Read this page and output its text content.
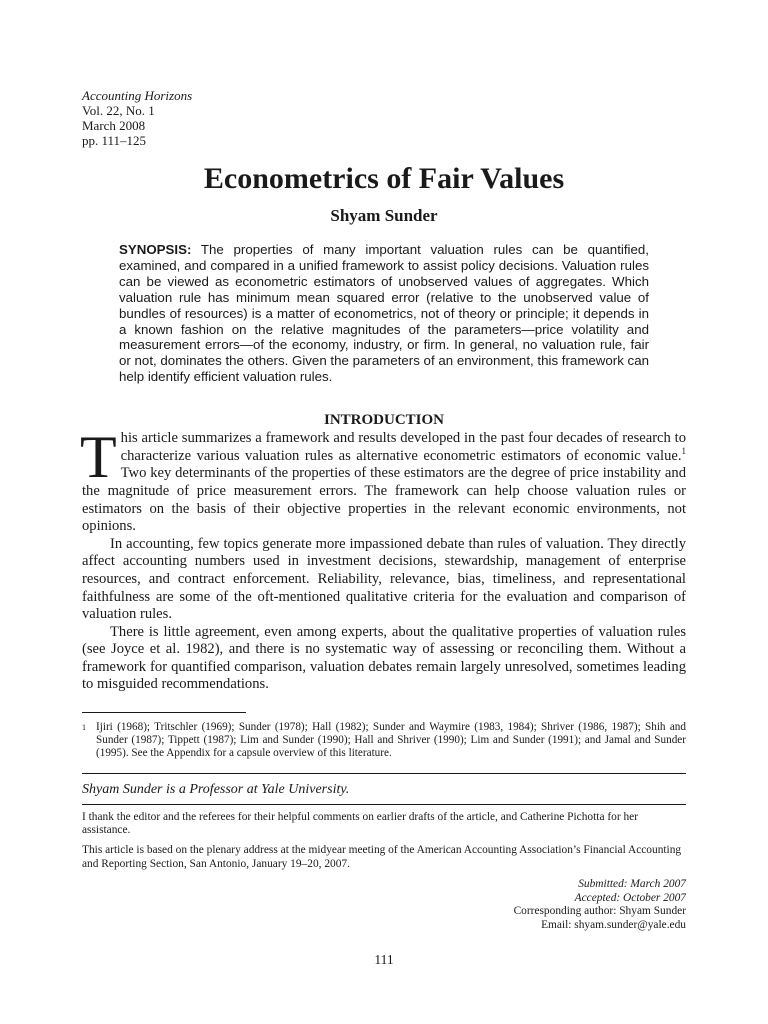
Accounting Horizons
Vol. 22, No. 1
March 2008
pp. 111–125
Econometrics of Fair Values
Shyam Sunder
SYNOPSIS: The properties of many important valuation rules can be quantified, examined, and compared in a unified framework to assist policy decisions. Valuation rules can be viewed as econometric estimators of unobserved values of aggregates. Which valuation rule has minimum mean squared error (relative to the unobserved value of bundles of resources) is a matter of econometrics, not of theory or principle; it depends in a known fashion on the relative magnitudes of the parameters—price volatility and measurement errors—of the economy, industry, or firm. In general, no valuation rule, fair or not, dominates the others. Given the parameters of an environment, this framework can help identify efficient valuation rules.
INTRODUCTION

This article summarizes a framework and results developed in the past four decades of research to characterize various valuation rules as alternative econometric estimators of economic value.$^1$ Two key determinants of the properties of these estimators are the degree of price instability and the magnitude of price measurement errors. The framework can help choose valuation rules or estimators on the basis of their objective properties in the relevant economic environments, not opinions.

In accounting, few topics generate more impassioned debate than rules of valuation. They directly affect accounting numbers used in investment decisions, stewardship, management of enterprise resources, and contract enforcement. Reliability, relevance, bias, timeliness, and representational faithfulness are some of the oft-mentioned qualitative criteria for the evaluation and comparison of valuation rules.

There is little agreement, even among experts, about the qualitative properties of valuation rules (see Joyce et al. 1982), and there is no systematic way of assessing or reconciling them. Without a framework for quantified comparison, valuation debates remain largely unresolved, sometimes leading to misguided recommendations.

1 Ijiri (1968); Tritschler (1969); Sunder (1978); Hall (1982); Sunder and Waymire (1983, 1984); Shriver (1986, 1987); Shih and Sunder (1987); Tippett (1987); Lim and Sunder (1990); Hall and Shriver (1990); Lim and Sunder (1991); and Jamal and Sunder (1995). See the Appendix for a capsule overview of this literature.
Shyam Sunder is a Professor at Yale University.
I thank the editor and the referees for their helpful comments on earlier drafts of the article, and Catherine Pichotta for her assistance.
This article is based on the plenary address at the midyear meeting of the American Accounting Association’s Financial Accounting and Reporting Section, San Antonio, January 19–20, 2007.
Submitted: March 2007
Accepted: October 2007
Corresponding author: Shyam Sunder
Email: shyam.sunder@yale.edu
111
